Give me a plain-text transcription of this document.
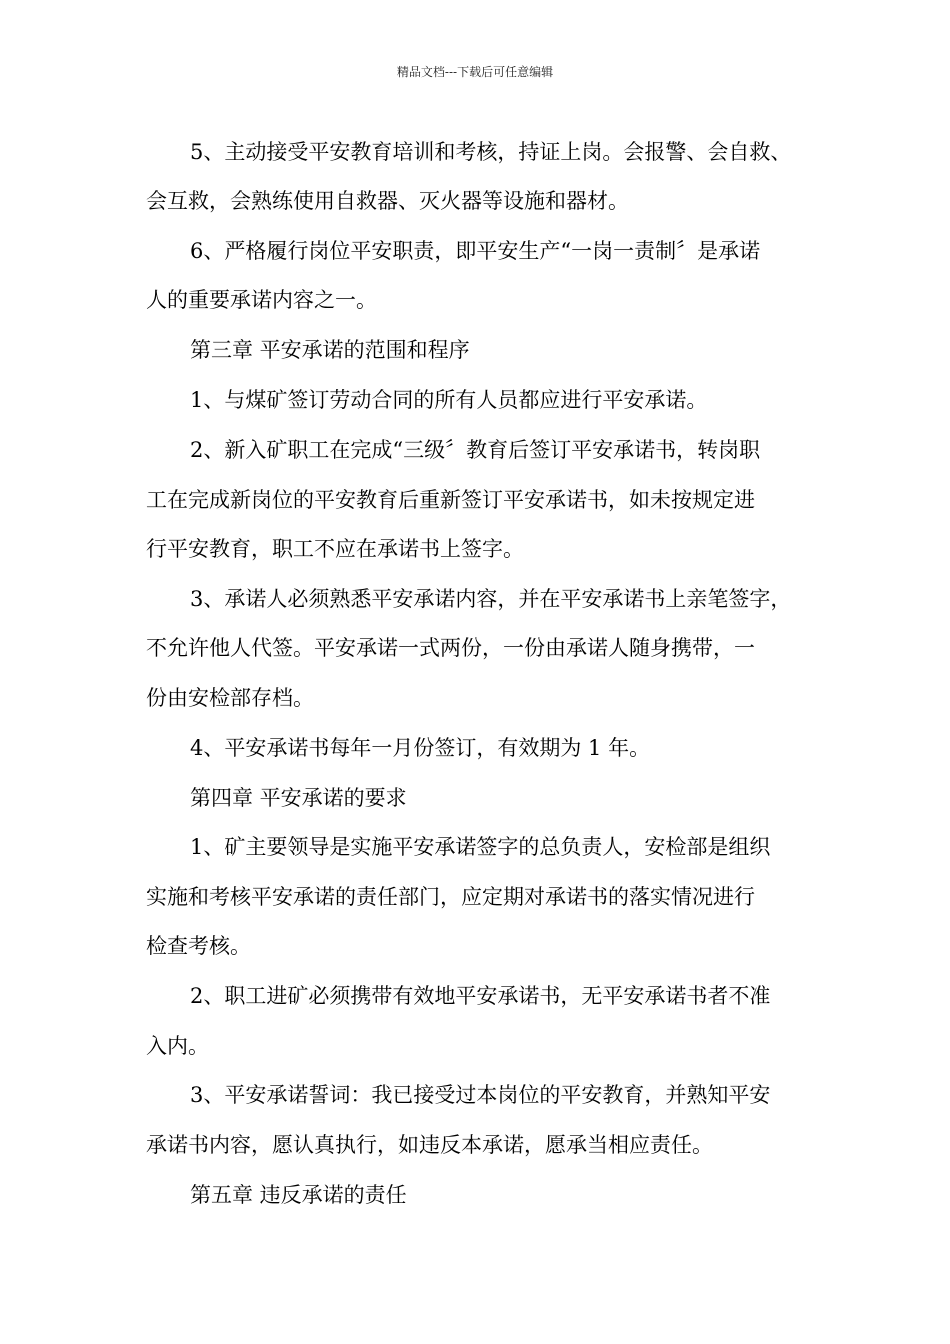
精品文档---下载后可任意编辑
5、主动接受平安教育培训和考核，持证上岗。会报警、会自救、
会互救，会熟练使用自救器、灭火器等设施和器材。
6、严格履行岗位平安职责，即平安生产“一岗一责制〞是承诺
人的重要承诺内容之一。
第三章 平安承诺的范围和程序
1、与煤矿签订劳动合同的所有人员都应进行平安承诺。
2、新入矿职工在完成“三级〞教育后签订平安承诺书，转岗职
工在完成新岗位的平安教育后重新签订平安承诺书，如未按规定进
行平安教育，职工不应在承诺书上签字。
3、承诺人必须熟悉平安承诺内容，并在平安承诺书上亲笔签字，
不允许他人代签。平安承诺一式两份，一份由承诺人随身携带，一
份由安检部存档。
4、平安承诺书每年一月份签订，有效期为 1 年。
第四章 平安承诺的要求
1、矿主要领导是实施平安承诺签字的总负责人，安检部是组织
实施和考核平安承诺的责任部门，应定期对承诺书的落实情况进行
检查考核。
2、职工进矿必须携带有效地平安承诺书，无平安承诺书者不准
入内。
3、平安承诺誓词：我已接受过本岗位的平安教育，并熟知平安
承诺书内容，愿认真执行，如违反本承诺，愿承当相应责任。
第五章 违反承诺的责任
